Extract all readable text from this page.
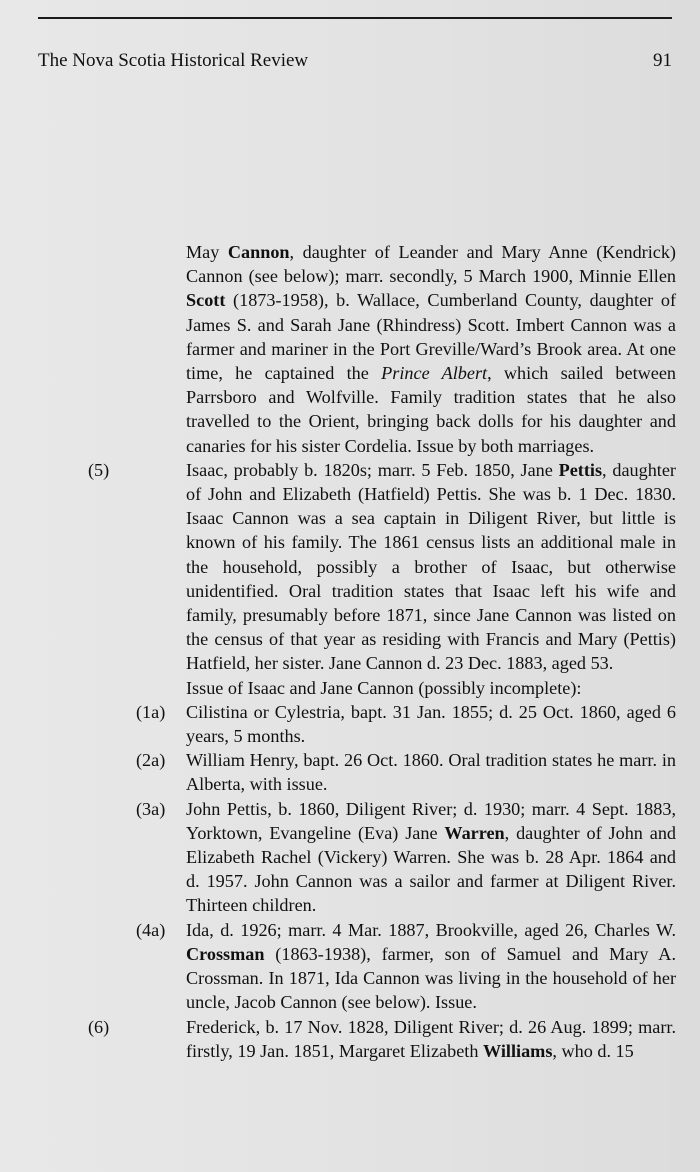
The Nova Scotia Historical Review	91
May Cannon, daughter of Leander and Mary Anne (Kendrick) Cannon (see below); marr. secondly, 5 March 1900, Minnie Ellen Scott (1873-1958), b. Wallace, Cumberland County, daughter of James S. and Sarah Jane (Rhindress) Scott. Imbert Cannon was a farmer and mariner in the Port Greville/Ward’s Brook area. At one time, he captained the Prince Albert, which sailed between Parrsboro and Wolfville. Family tradition states that he also travelled to the Orient, bringing back dolls for his daughter and canaries for his sister Cordelia. Issue by both marriages.
(5)	Isaac, probably b. 1820s; marr. 5 Feb. 1850, Jane Pettis, daughter of John and Elizabeth (Hatfield) Pettis. She was b. 1 Dec. 1830. Isaac Cannon was a sea captain in Diligent River, but little is known of his family. The 1861 census lists an additional male in the household, possibly a brother of Isaac, but otherwise unidentified. Oral tradition states that Isaac left his wife and family, presumably before 1871, since Jane Cannon was listed on the census of that year as residing with Francis and Mary (Pettis) Hatfield, her sister. Jane Cannon d. 23 Dec. 1883, aged 53.
Issue of Isaac and Jane Cannon (possibly incomplete):
(1a)	Cilistina or Cylestria, bapt. 31 Jan. 1855; d. 25 Oct. 1860, aged 6 years, 5 months.
(2a)	William Henry, bapt. 26 Oct. 1860. Oral tradition states he marr. in Alberta, with issue.
(3a)	John Pettis, b. 1860, Diligent River; d. 1930; marr. 4 Sept. 1883, Yorktown, Evangeline (Eva) Jane Warren, daughter of John and Elizabeth Rachel (Vickery) Warren. She was b. 28 Apr. 1864 and d. 1957. John Cannon was a sailor and farmer at Diligent River. Thirteen children.
(4a)	Ida, d. 1926; marr. 4 Mar. 1887, Brookville, aged 26, Charles W. Crossman (1863-1938), farmer, son of Samuel and Mary A. Crossman. In 1871, Ida Cannon was living in the household of her uncle, Jacob Cannon (see below). Issue.
(6)	Frederick, b. 17 Nov. 1828, Diligent River; d. 26 Aug. 1899; marr. firstly, 19 Jan. 1851, Margaret Elizabeth Williams, who d. 15
